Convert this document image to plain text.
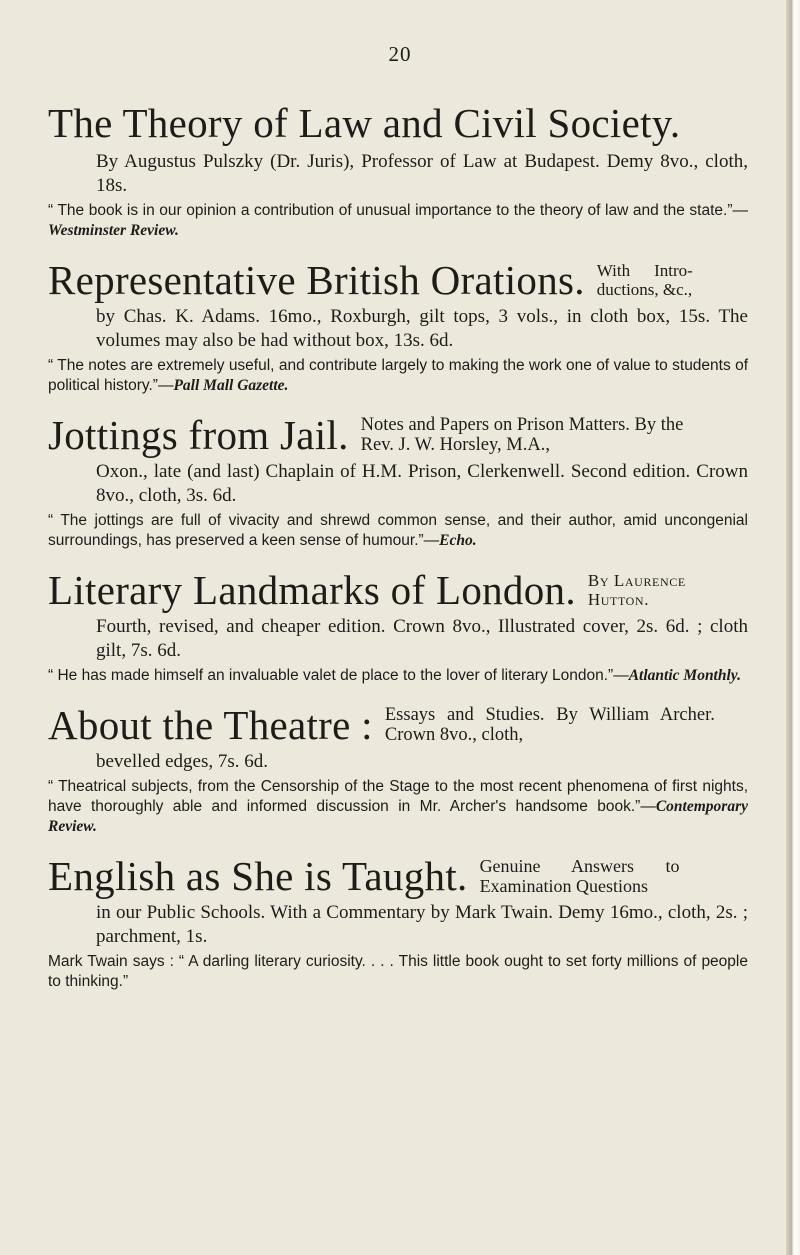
20
The Theory of Law and Civil Society.

By Augustus Pulszky (Dr. Juris), Professor of Law at Budapest. Demy 8vo., cloth, 18s.

“ The book is in our opinion a contribution of unusual importance to the theory of law and the state.”—Westminster Review.

Representative British Orations. With Intro-ductions, &c.,

by Chas. K. Adams. 16mo., Roxburgh, gilt tops, 3 vols., in cloth box, 15s. The volumes may also be had without box, 13s. 6d.

“ The notes are extremely useful, and contribute largely to making the work one of value to students of political history.”—Pall Mall Gazette.

Jottings from Jail. Notes and Papers on Prison Matters. By the Rev. J. W. Horsley, M.A.,

Oxon., late (and last) Chaplain of H.M. Prison, Clerkenwell. Second edition. Crown 8vo., cloth, 3s. 6d.

“ The jottings are full of vivacity and shrewd common sense, and their author, amid uncongenial surroundings, has preserved a keen sense of humour.”—Echo.

Literary Landmarks of London. By Laurence Hutton.

Fourth, revised, and cheaper edition. Crown 8vo., Illustrated cover, 2s. 6d. ; cloth gilt, 7s. 6d.

“ He has made himself an invaluable valet de place to the lover of literary London.”—Atlantic Monthly.

About the Theatre : Essays and Studies. By William Archer. Crown 8vo., cloth,

bevelled edges, 7s. 6d.

“ Theatrical subjects, from the Censorship of the Stage to the most recent phenomena of first nights, have thoroughly able and informed discussion in Mr. Archer's handsome book.”—Contemporary Review.

English as She is Taught. Genuine Answers to Examination Questions

in our Public Schools. With a Commentary by Mark Twain. Demy 16mo., cloth, 2s. ; parchment, 1s.

Mark Twain says : “ A darling literary curiosity. . . . This little book ought to set forty millions of people to thinking.”
